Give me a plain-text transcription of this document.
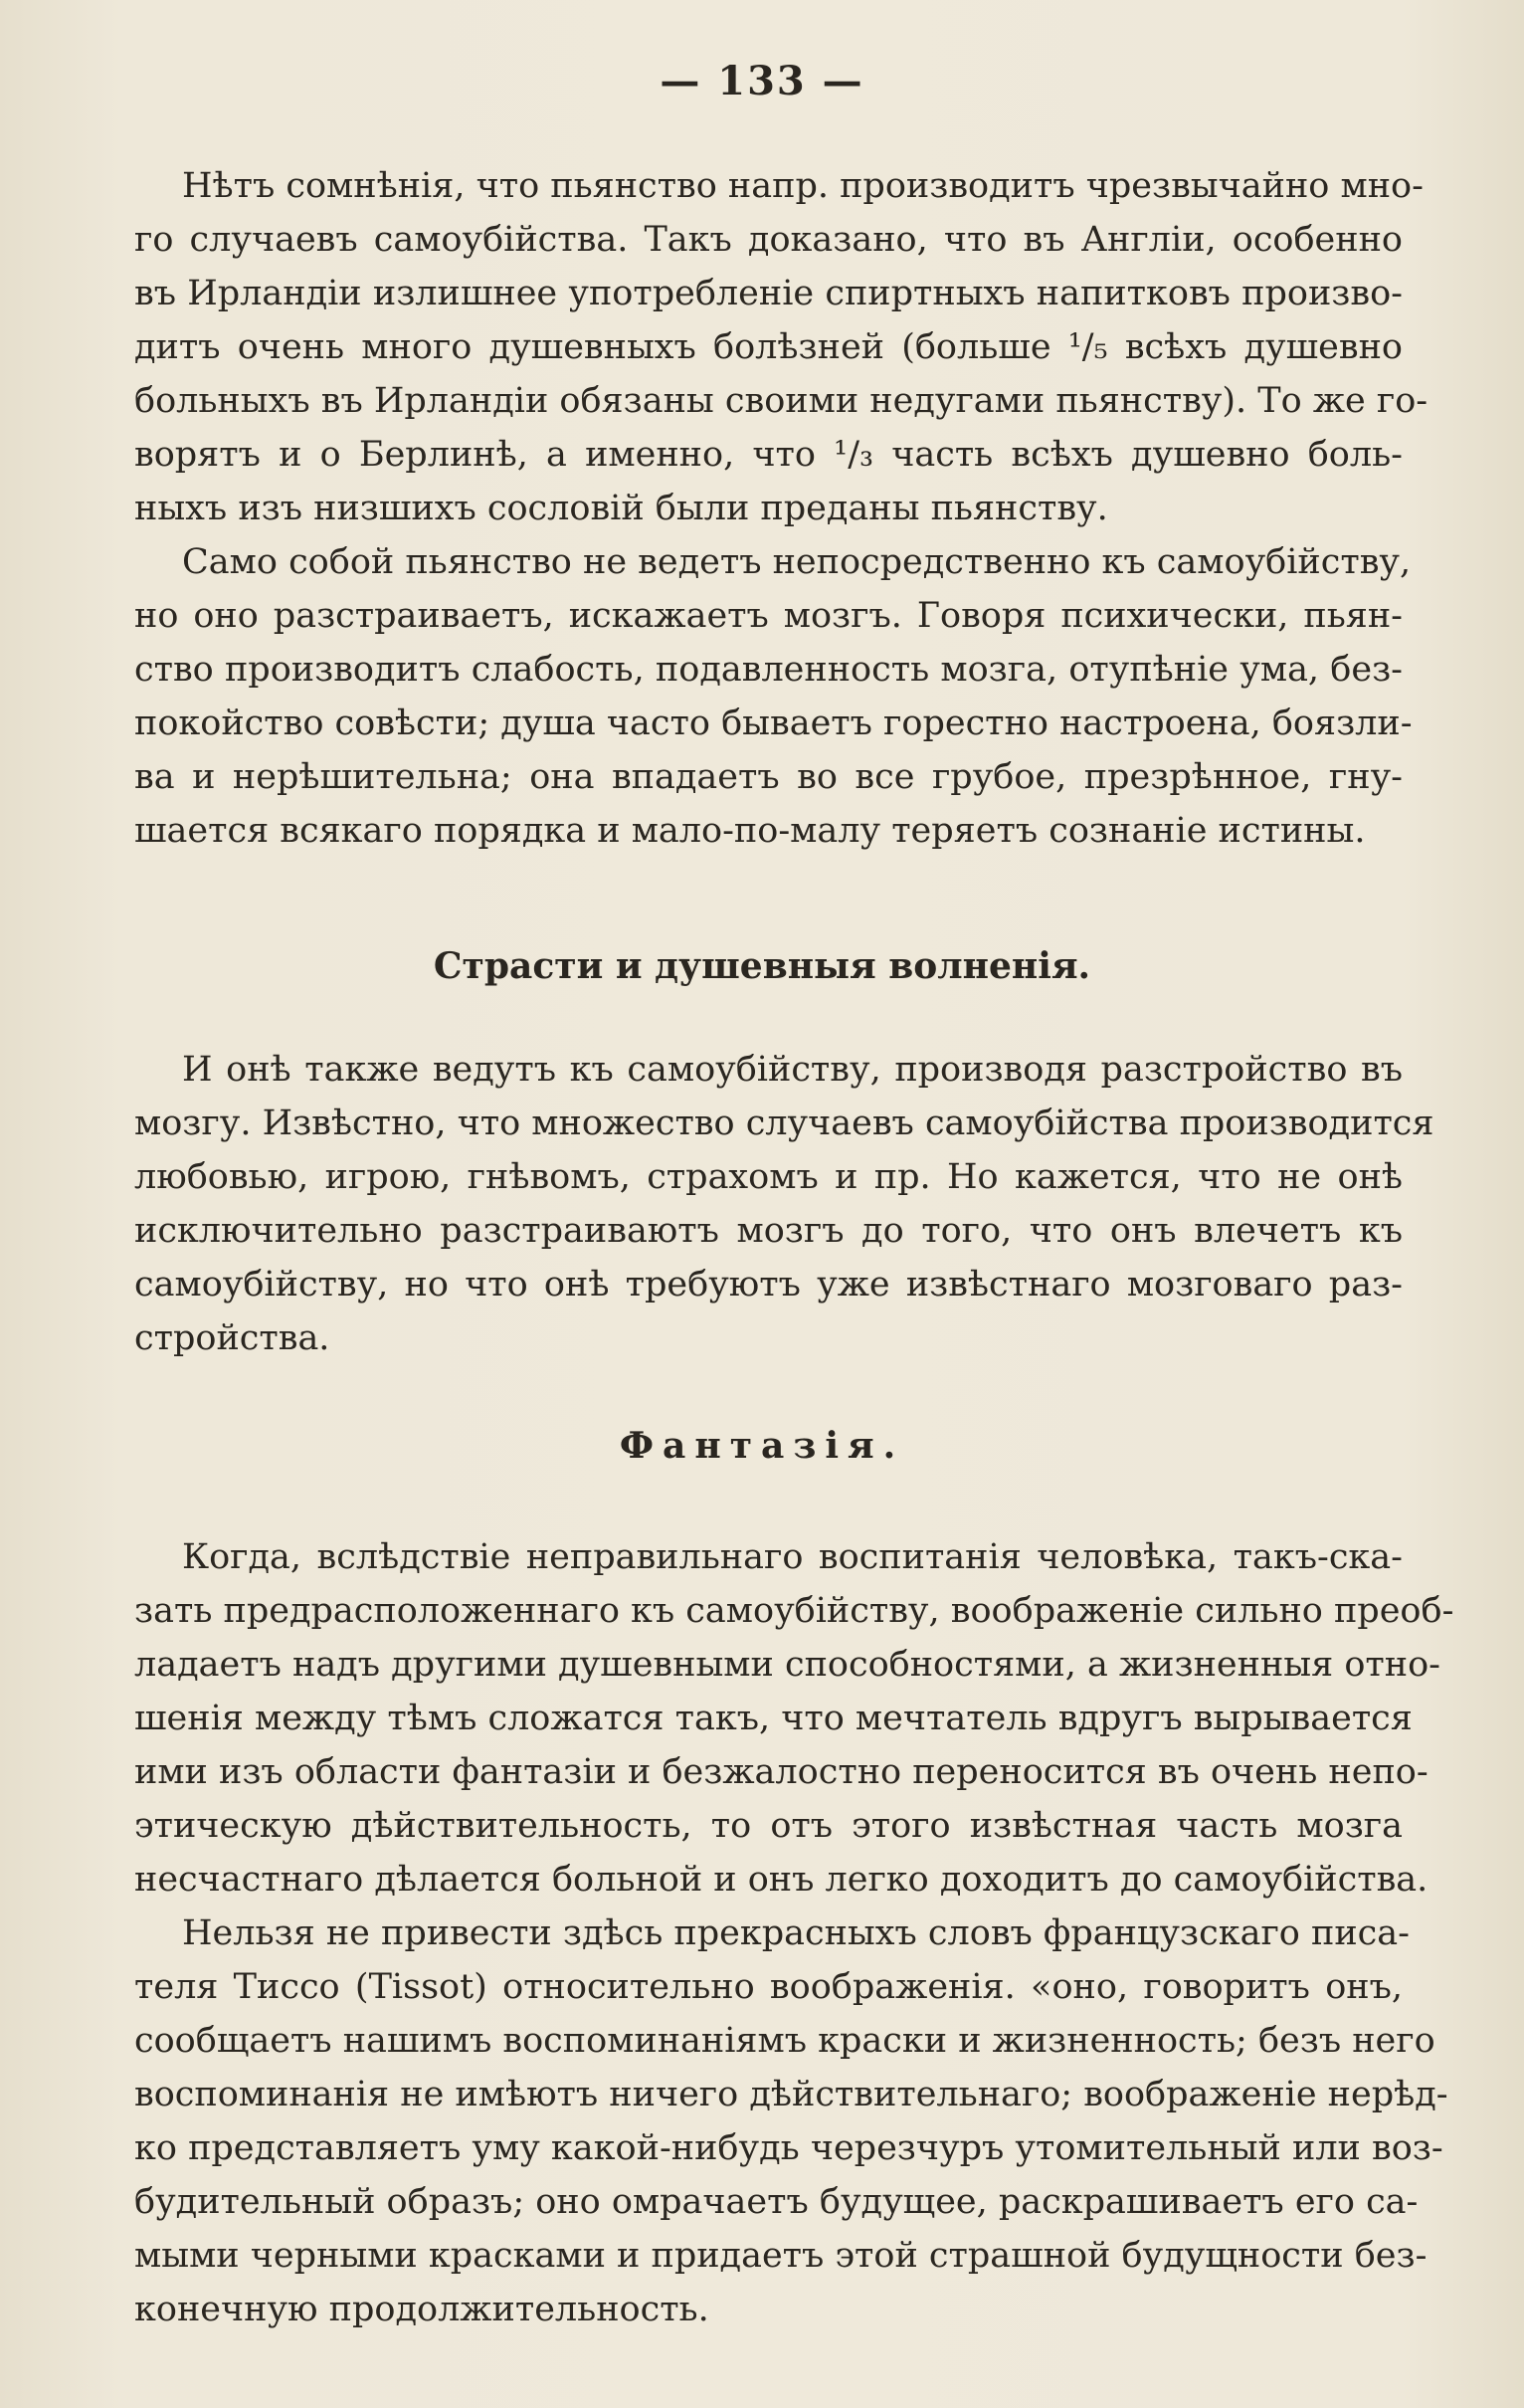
— 133 —
Нѣтъ сомнѣнія, что пьянство напр. производитъ чрезвычайно мно-
го случаевъ самоубійства. Такъ доказано, что въ Англіи, особенно
въ Ирландіи излишнее употребленіе спиртныхъ напитковъ произво-
дитъ очень много душевныхъ болѣзней (больше ¹/₅ всѣхъ душевно
больныхъ въ Ирландіи обязаны своими недугами пьянству). То же го-
ворятъ и о Берлинѣ, а именно, что ¹/₃ часть всѣхъ душевно боль-
ныхъ изъ низшихъ сословій были преданы пьянству.
Само собой пьянство не ведетъ непосредственно къ самоубійству,
но оно разстраиваетъ, искажаетъ мозгъ. Говоря психически, пьян-
ство производитъ слабость, подавленность мозга, отупѣніе ума, без-
покойство совѣсти; душа часто бываетъ горестно настроена, боязли-
ва и нерѣшительна; она впадаетъ во все грубое, презрѣнное, гну-
шается всякаго порядка и мало-по-малу теряетъ сознаніе истины.
Страсти и душевныя волненія.
И онѣ также ведутъ къ самоубійству, производя разстройство въ
мозгу. Извѣстно, что множество случаевъ самоубійства производится
любовью, игрою, гнѣвомъ, страхомъ и пр. Но кажется, что не онѣ
исключительно разстраиваютъ мозгъ до того, что онъ влечетъ къ
самоубійству, но что онѣ требуютъ уже извѣстнаго мозговаго раз-
стройства.
Фантазія.
Когда, вслѣдствіе неправильнаго воспитанія человѣка, такъ-ска-
зать предрасположеннаго къ самоубійству, воображеніе сильно преоб-
ладаетъ надъ другими душевными способностями, а жизненныя отно-
шенія между тѣмъ сложатся такъ, что мечтатель вдругъ вырывается
ими изъ области фантазіи и безжалостно переносится въ очень непо-
этическую дѣйствительность, то отъ этого извѣстная часть мозга
несчастнаго дѣлается больной и онъ легко доходитъ до самоубійства.
Нельзя не привести здѣсь прекрасныхъ словъ французскаго писа-
теля Тиссо (Tissot) относительно воображенія. «оно, говоритъ онъ,
сообщаетъ нашимъ воспоминаніямъ краски и жизненность; безъ него
воспоминанія не имѣютъ ничего дѣйствительнаго; воображеніе нерѣд-
ко представляетъ уму какой-нибудь черезчуръ утомительный или воз-
будительный образъ; оно омрачаетъ будущее, раскрашиваетъ его са-
мыми черными красками и придаетъ этой страшной будущности без-
конечную продолжительность.
